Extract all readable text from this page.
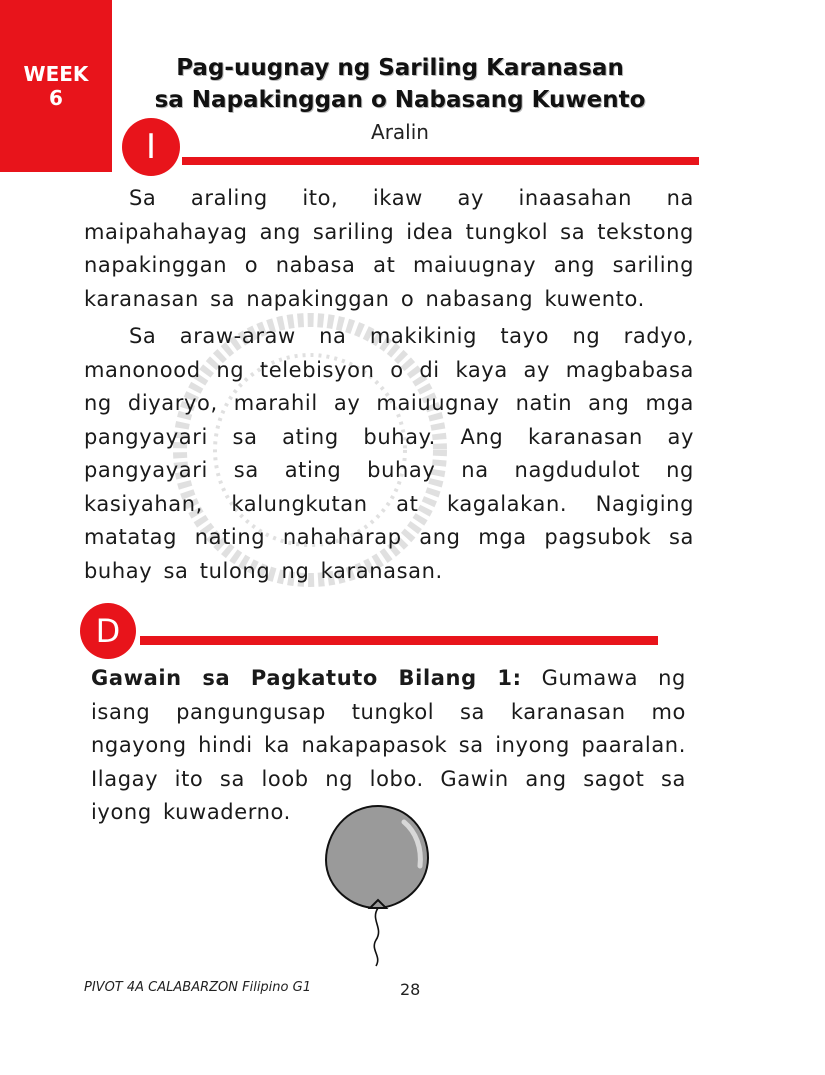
WEEK
6
Pag-uugnay ng Sariling Karanasan
sa Napakinggan o Nabasang Kuwento
I	Aralin
Sa araling ito, ikaw ay inaasahan na maipahahayag ang sariling idea tungkol sa tekstong napakinggan o nabasa at maiuugnay ang sariling karanasan sa napakinggan o nabasang kuwento.
Sa araw-araw na makikinig tayo ng radyo, manonood ng telebisyon o di kaya ay magbabasa ng diyaryo, marahil ay maiuugnay natin ang mga pangyayari sa ating buhay. Ang karanasan ay pangyayari sa ating buhay na nagdudulot ng kasiyahan, kalungkutan at kagalakan. Nagiging matatag nating nahaharap ang mga pagsubok sa buhay sa tulong ng karanasan.
D
Gawain sa Pagkatuto Bilang 1: Gumawa ng isang pangungusap tungkol sa karanasan mo ngayong hindi ka nakapapasok sa inyong paaralan. Ilagay ito sa loob ng lobo. Gawin ang sagot sa iyong kuwaderno.
PIVOT 4A CALABARZON Filipino G1	28
